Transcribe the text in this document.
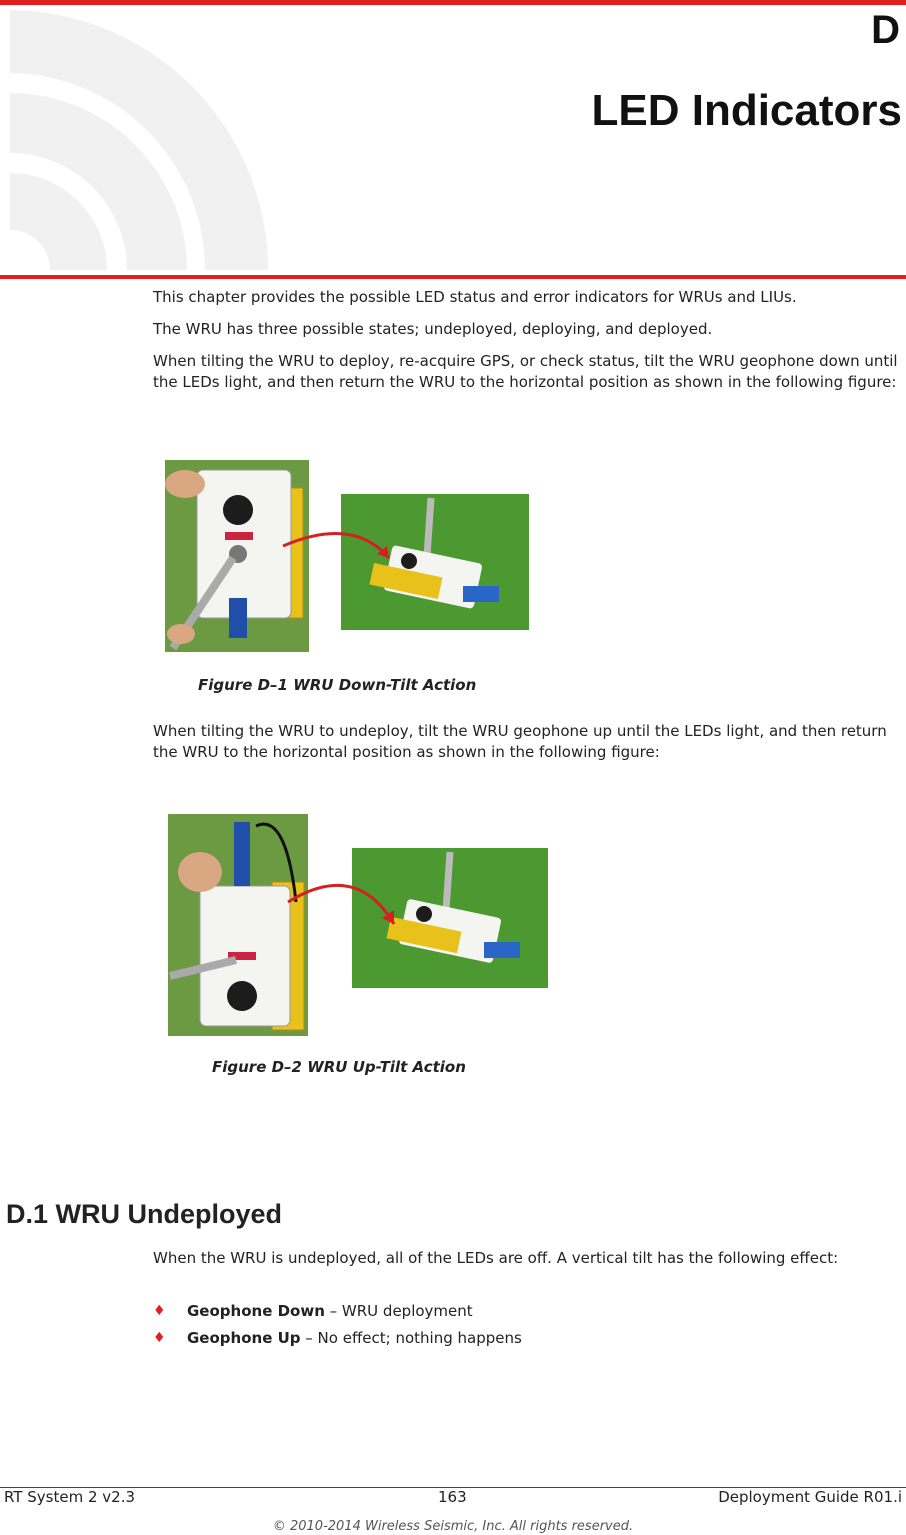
D
LED Indicators

This chapter provides the possible LED status and error indicators for WRUs and LIUs.

The WRU has three possible states; undeployed, deploying, and deployed.

When tilting the WRU to deploy, re-acquire GPS, or check status, tilt the WRU geophone down until the LEDs light, and then return the WRU to the horizontal position as shown in the following figure:

Figure D–1 WRU Down-Tilt Action

When tilting the WRU to undeploy, tilt the WRU geophone up until the LEDs light, and then return the WRU to the horizontal position as shown in the following figure:

Figure D–2 WRU Up-Tilt Action
D.1 WRU Undeployed

When the WRU is undeployed, all of the LEDs are off. A vertical tilt has the following effect:

♦ Geophone Down – WRU deployment
♦ Geophone Up – No effect; nothing happens
RT System 2 v2.3	163	Deployment Guide R01.i
© 2010-2014 Wireless Seismic, Inc. All rights reserved.
